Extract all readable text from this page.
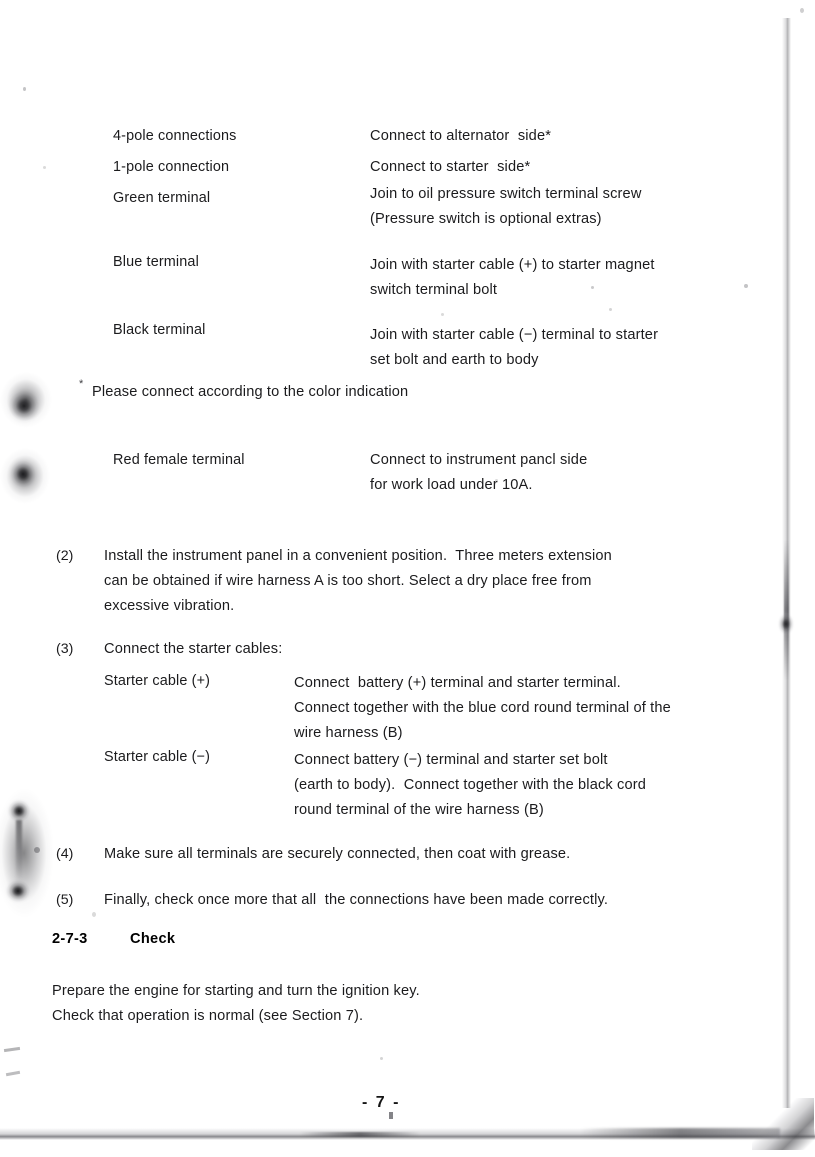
4-pole connections	Connect to alternator  side*
1-pole connection	Connect to starter  side*
Green terminal	Join to oil pressure switch terminal screw
(Pressure switch is optional extras)
Blue terminal	Join with starter cable (+) to starter magnet
switch terminal bolt
Black terminal	Join with starter cable (−) terminal to starter
set bolt and earth to body
* Please connect according to the color indication
Red female terminal	Connect to instrument pancl side
for work load under 10A.
(2) Install the instrument panel in a convenient position.  Three meters extension
can be obtained if wire harness A is too short. Select a dry place free from
excessive vibration.
(3) Connect the starter cables:
Starter cable (+)	Connect  battery (+) terminal and starter terminal.
Connect together with the blue cord round terminal of the
wire harness (B)
Starter cable (−)	Connect battery (−) terminal and starter set bolt
(earth to body).  Connect together with the black cord
round terminal of the wire harness (B)
(4) Make sure all terminals are securely connected, then coat with grease.
(5) Finally, check once more that all  the connections have been made correctly.
2-7-3	Check
Prepare the engine for starting and turn the ignition key.
Check that operation is normal (see Section 7).
- 7 -
